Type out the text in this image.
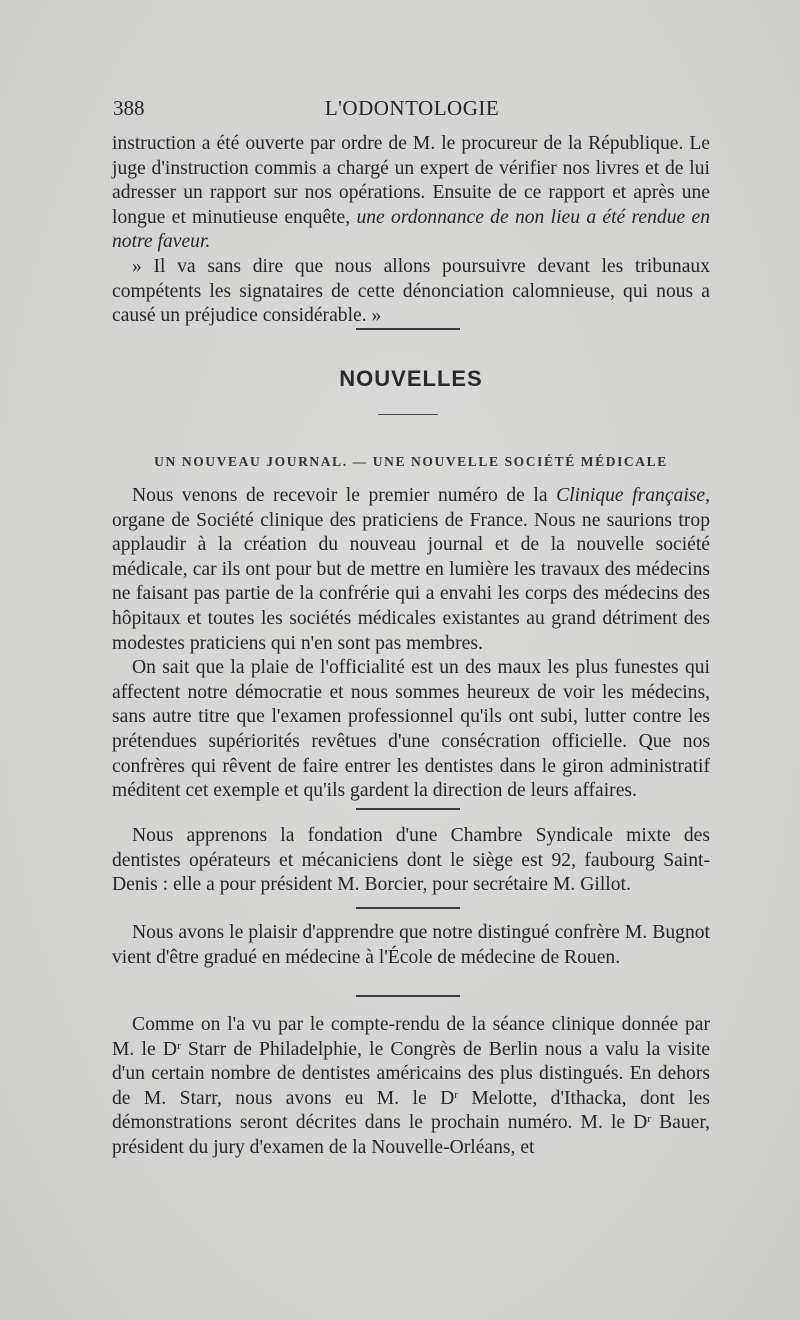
388	L'ODONTOLOGIE

instruction a été ouverte par ordre de M. le procureur de la République. Le juge d'instruction commis a chargé un expert de vérifier nos livres et de lui adresser un rapport sur nos opérations. Ensuite de ce rapport et après une longue et minutieuse enquête, une ordonnance de non lieu a été rendue en notre faveur.

» Il va sans dire que nous allons poursuivre devant les tribunaux compétents les signataires de cette dénonciation calomnieuse, qui nous a causé un préjudice considérable. »

NOUVELLES
UN NOUVEAU JOURNAL. — UNE NOUVELLE SOCIÉTÉ MÉDICALE

Nous venons de recevoir le premier numéro de la Clinique française, organe de Société clinique des praticiens de France. Nous ne saurions trop applaudir à la création du nouveau journal et de la nouvelle société médicale, car ils ont pour but de mettre en lumière les travaux des médecins ne faisant pas partie de la confrérie qui a envahi les corps des médecins des hôpitaux et toutes les sociétés médicales existantes au grand détriment des modestes praticiens qui n'en sont pas membres.

On sait que la plaie de l'officialité est un des maux les plus funestes qui affectent notre démocratie et nous sommes heureux de voir les médecins, sans autre titre que l'examen professionnel qu'ils ont subi, lutter contre les prétendues supériorités revêtues d'une consécration officielle. Que nos confrères qui rêvent de faire entrer les dentistes dans le giron administratif méditent cet exemple et qu'ils gardent la direction de leurs affaires.

Nous apprenons la fondation d'une Chambre Syndicale mixte des dentistes opérateurs et mécaniciens dont le siège est 92, faubourg Saint-Denis : elle a pour président M. Borcier, pour secrétaire M. Gillot.

Nous avons le plaisir d'apprendre que notre distingué confrère M. Bugnot vient d'être gradué en médecine à l'École de médecine de Rouen.

Comme on l'a vu par le compte-rendu de la séance clinique donnée par M. le $D^r$ Starr de Philadelphie, le Congrès de Berlin nous a valu la visite d'un certain nombre de dentistes américains des plus distingués. En dehors de M. Starr, nous avons eu M. le $D^r$ Melotte, d'Ithacka, dont les démonstrations seront décrites dans le prochain numéro. M. le $D^r$ Bauer, président du jury d'examen de la Nouvelle-Orléans, et
